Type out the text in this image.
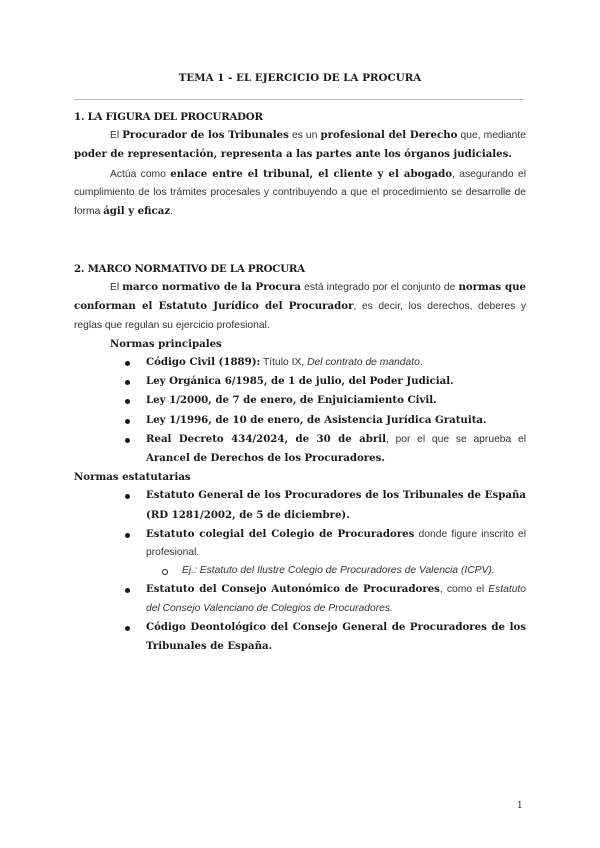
TEMA 1 - EL EJERCICIO DE LA PROCURA
1. LA FIGURA DEL PROCURADOR
El Procurador de los Tribunales es un profesional del Derecho que, mediante poder de representación, representa a las partes ante los órganos judiciales.
Actúa como enlace entre el tribunal, el cliente y el abogado, asegurando el cumplimiento de los trámites procesales y contribuyendo a que el procedimiento se desarrolle de forma ágil y eficaz.
2. MARCO NORMATIVO DE LA PROCURA
El marco normativo de la Procura está integrado por el conjunto de normas que conforman el Estatuto Jurídico del Procurador, es decir, los derechos, deberes y reglas que regulan su ejercicio profesional.
Normas principales
Código Civil (1889): Título IX, Del contrato de mandato.
Ley Orgánica 6/1985, de 1 de julio, del Poder Judicial.
Ley 1/2000, de 7 de enero, de Enjuiciamiento Civil.
Ley 1/1996, de 10 de enero, de Asistencia Jurídica Gratuita.
Real Decreto 434/2024, de 30 de abril, por el que se aprueba el Arancel de Derechos de los Procuradores.
Normas estatutarias
Estatuto General de los Procuradores de los Tribunales de España (RD 1281/2002, de 5 de diciembre).
Estatuto colegial del Colegio de Procuradores donde figure inscrito el profesional.
Ej.: Estatuto del Ilustre Colegio de Procuradores de Valencia (ICPV).
Estatuto del Consejo Autonómico de Procuradores, como el Estatuto del Consejo Valenciano de Colegios de Procuradores.
Código Deontológico del Consejo General de Procuradores de los Tribunales de España.
1
